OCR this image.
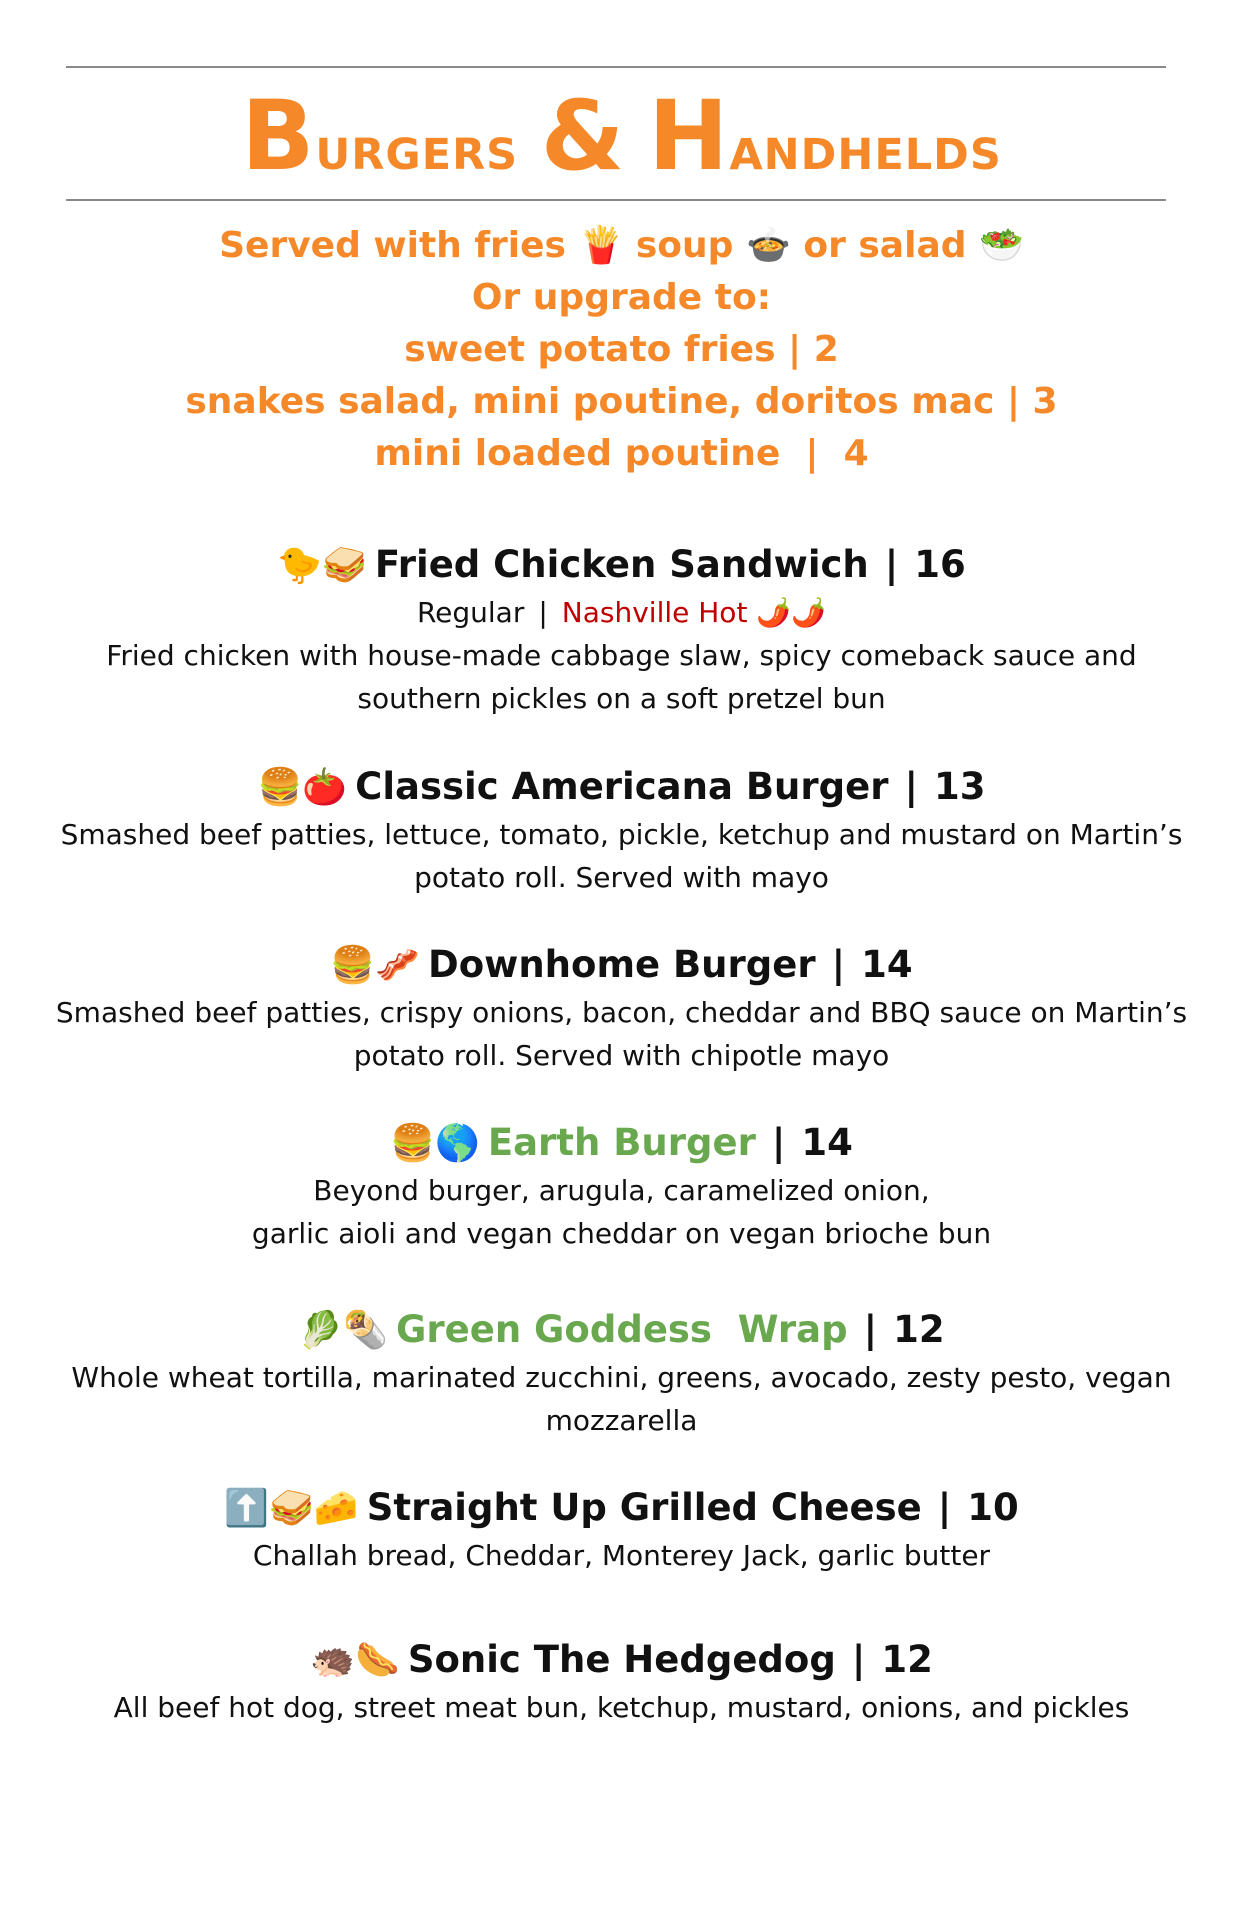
Burgers & Handhelds
Served with fries 🍟 soup 🍲 or salad 🥗
Or upgrade to:
sweet potato fries | 2
snakes salad, mini poutine, doritos mac | 3
mini loaded poutine  |  4
🐤🥪 Fried Chicken Sandwich | 16
Regular | Nashville Hot 🌶️🌶️
Fried chicken with house-made cabbage slaw, spicy comeback sauce and
southern pickles on a soft pretzel bun
🍔🍅 Classic Americana Burger | 13
Smashed beef patties, lettuce, tomato, pickle, ketchup and mustard on Martin’s
potato roll. Served with mayo
🍔🥓 Downhome Burger | 14
Smashed beef patties, crispy onions, bacon, cheddar and BBQ sauce on Martin’s
potato roll. Served with chipotle mayo
🍔🌎 Earth Burger | 14
Beyond burger, arugula, caramelized onion,
garlic aioli and vegan cheddar on vegan brioche bun
🥬🌯 Green Goddess  Wrap | 12
Whole wheat tortilla, marinated zucchini, greens, avocado, zesty pesto, vegan
mozzarella
⬆️🥪🧀 Straight Up Grilled Cheese | 10
Challah bread, Cheddar, Monterey Jack, garlic butter
🦔🌭 Sonic The Hedgedog | 12
All beef hot dog, street meat bun, ketchup, mustard, onions, and pickles
